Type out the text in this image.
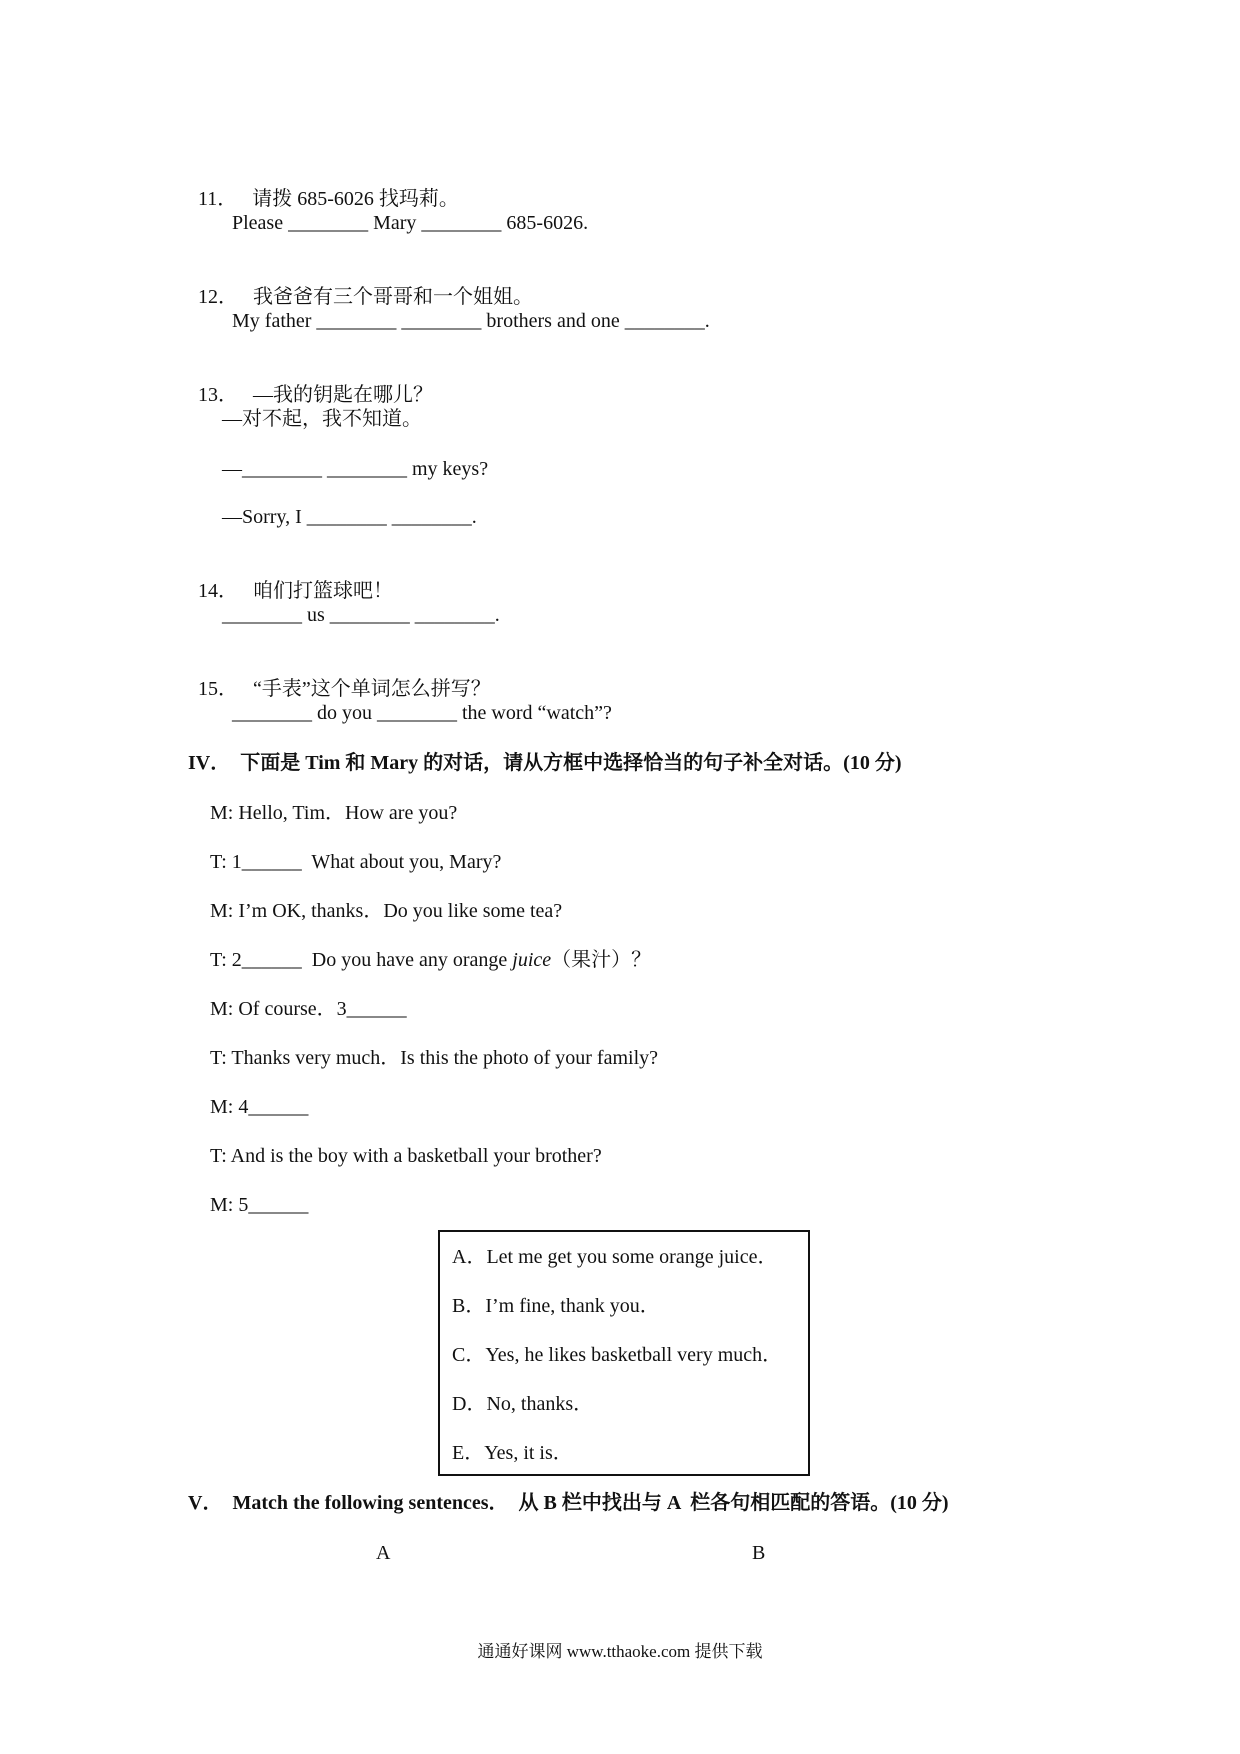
11． 请拨 685-6026 找玛莉。

Please ________ Mary ________ 685-6026.

12． 我爸爸有三个哥哥和一个姐姐。

My father ________ ________ brothers and one ________.

13． —我的钥匙在哪儿？

—对不起，我不知道。
—________ ________ my keys?
—Sorry, I ________ ________.

14． 咱们打篮球吧！

________ us ________ ________.

15． “手表”这个单词怎么拼写？

________ do you ________ the word “watch”?
IV．  下面是 Tim 和 Mary 的对话，请从方框中选择恰当的句子补全对话。(10 分)
M: Hello, Tim．How are you?
T: 1______  What about you, Mary?
M: I’m OK, thanks．Do you like some tea?
T: 2______  Do you have any orange juice（果汁）？
M: Of course．3______
T: Thanks very much．Is this the photo of your family?
M: 4______
T: And is the boy with a basketball your brother?
M: 5______
A．Let me get you some orange juice．
B．I’m fine, thank you．
C．Yes, he likes basketball very much．
D．No, thanks．
E．Yes, it is．
V．  Match the following sentences．  从 B 栏中找出与 A  栏各句相匹配的答语。(10 分)
A	B
通通好课网 www.tthaoke.com 提供下载
